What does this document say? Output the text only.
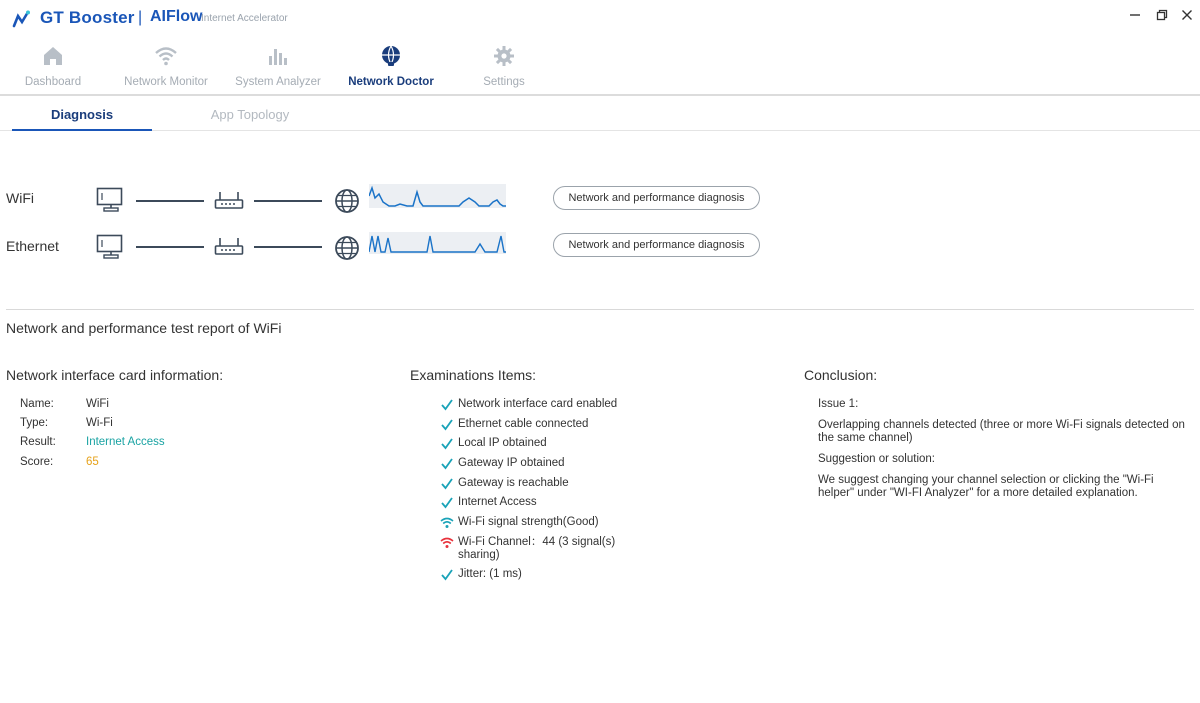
GT Booster | AIFlow
Internet Accelerator
Dashboard	Network Monitor	System Analyzer Network Doctor	Settings
Diagnosis	App Topology
WiFi	Network and performance diagnosis
Ethernet	Network and performance diagnosis
Network and performance test report of WiFi
Network interface card information:	Examinations Items:	Conclusion:
Name:	WiFi
Type:	Wi-Fi
Result:	Internet Access
Score:	65
Network interface card enabled
Ethernet cable connected
Local IP obtained
Gateway IP obtained
Gateway is reachable
Internet Access
Wi-Fi signal strength(Good)
Wi-Fi Channel：44 (3 signal(s) sharing)
Jitter: (1 ms)
Issue 1:
Overlapping channels detected (three or more Wi-Fi signals detected on the same channel)
Suggestion or solution:
We suggest changing your channel selection or clicking the "Wi-Fi helper" under "WI-FI Analyzer" for a more detailed explanation.
